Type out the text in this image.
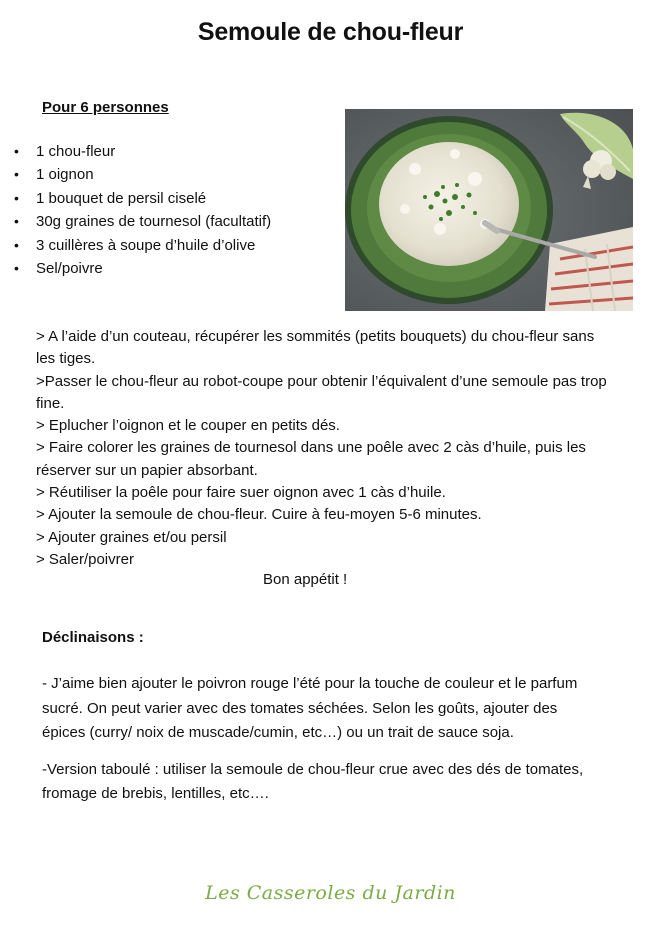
Semoule de chou-fleur
Pour 6 personnes
• 1 chou-fleur
• 1 oignon
• 1 bouquet de persil ciselé
• 30g graines de tournesol (facultatif)
• 3 cuillères à soupe d’huile d’olive
• Sel/poivre

> A l’aide d’un couteau, récupérer les sommités (petits bouquets) du chou-fleur sans les tiges.

>Passer le chou-fleur au robot-coupe pour obtenir l’équivalent d’une semoule pas trop fine.

> Eplucher l’oignon et le couper en petits dés.

> Faire colorer les graines de tournesol dans une poêle avec 2 càs d’huile, puis les réserver sur un papier absorbant.

> Réutiliser la poêle pour faire suer oignon avec 1 càs d’huile.

> Ajouter la semoule de chou-fleur. Cuire à feu-moyen 5-6 minutes.

> Ajouter graines et/ou persil

> Saler/poivrer

Bon appétit !
Déclinaisons :

- J’aime bien ajouter le poivron rouge l’été pour la touche de couleur et le parfum sucré. On peut varier avec des tomates séchées. Selon les goûts, ajouter des épices (curry/ noix de muscade/cumin, etc…) ou un trait de sauce soja.

-Version taboulé : utiliser la semoule de chou-fleur crue avec des dés de tomates, fromage de brebis, lentilles, etc….

Les Casseroles du Jardin
